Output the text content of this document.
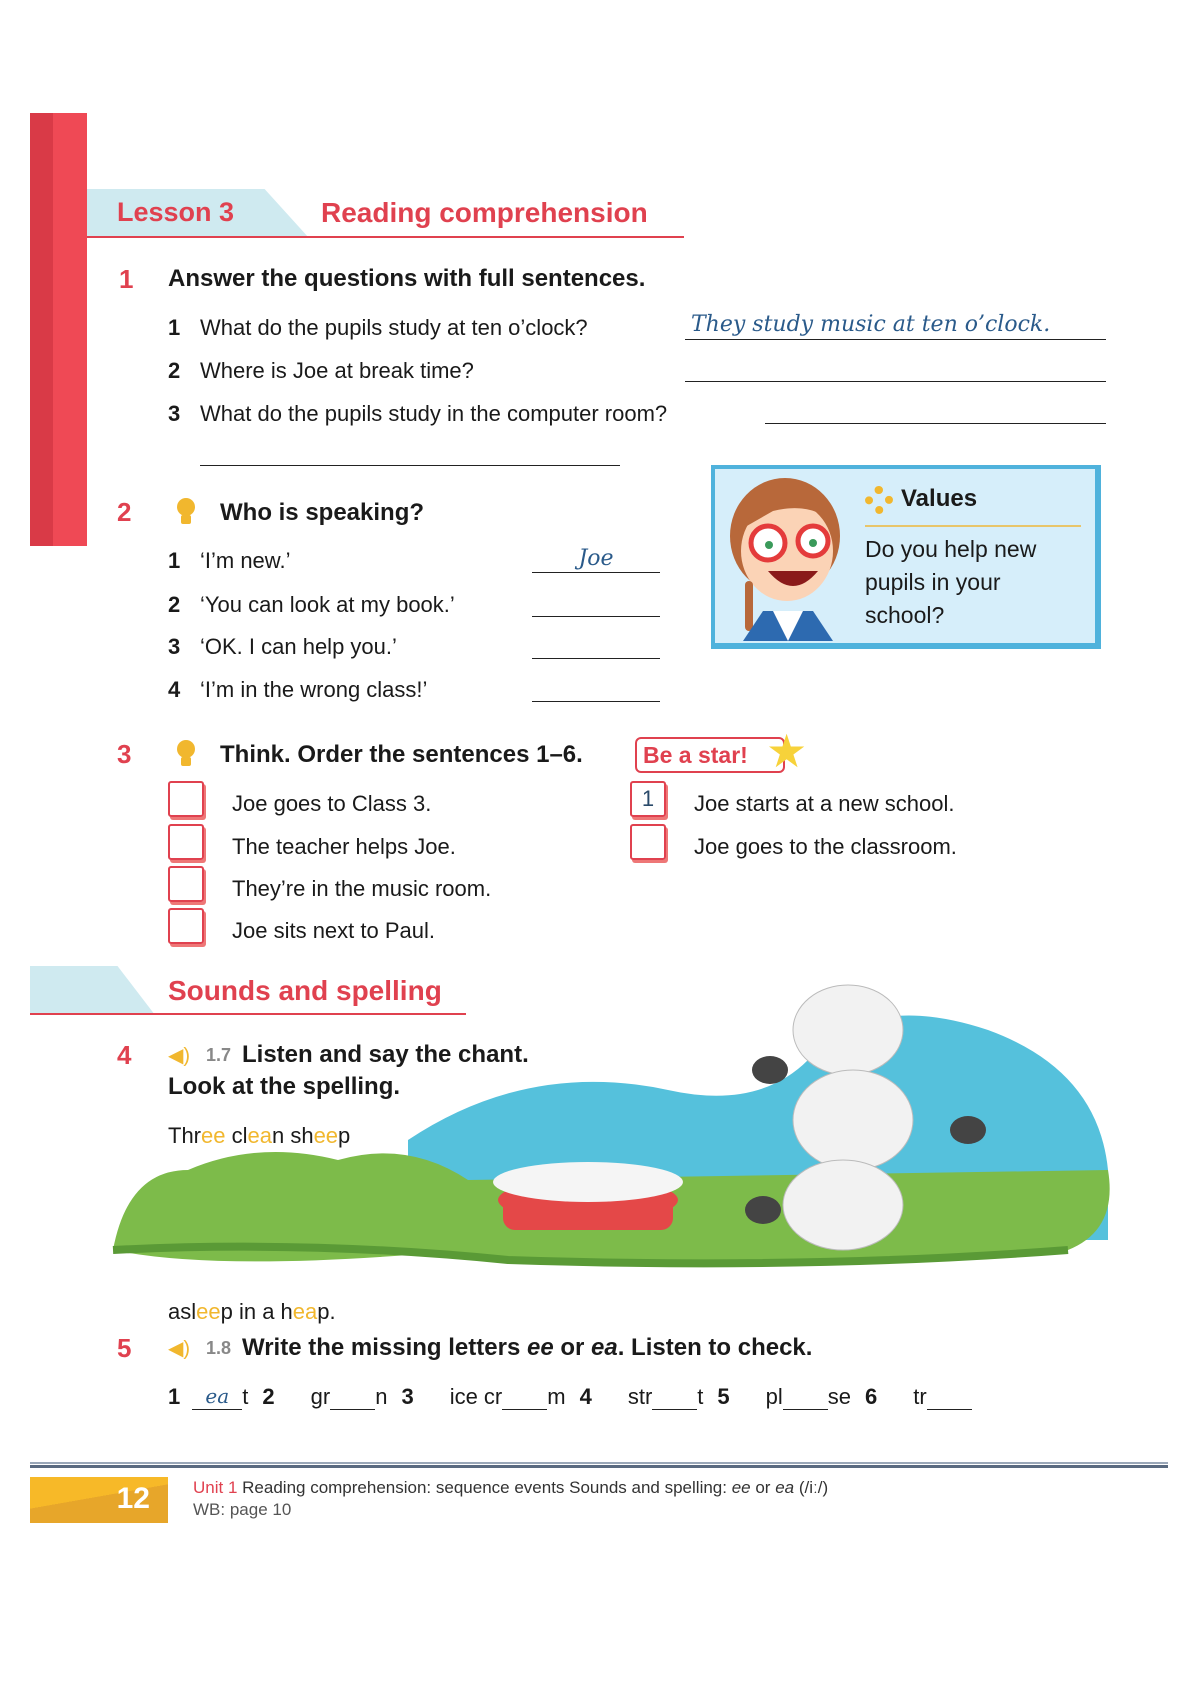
Lesson 3	Reading comprehension
1 Answer the questions with full sentences.
1 What do the pupils study at ten o’clock?	They study music at ten o’clock.
2 Where is Joe at break time?
3 What do the pupils study in the computer room?
2	Who is speaking?
1 ‘I’m new.’	Joe
2 ‘You can look at my book.’
3 ‘OK. I can help you.’
4 ‘I’m in the wrong class!’
Values
Do you help new pupils in your school?
3	Think. Order the sentences 1–6.	Be a star! ★
Joe goes to Class 3.
The teacher helps Joe.
They’re in the music room.
Joe sits next to Paul.
1	Joe starts at a new school.
Joe goes to the classroom.
Sounds and spelling
4 ◀︎) 1.7 Listen and say the chant.
Look at the spelling.
Three clean sheep
asleep in a heap.
5 ◀︎) 1.8 Write the missing letters ee or ea. Listen to check.
1	ea t 2 gr n 3 ice cr m 4 str t 5 pl se 6 tr
12	Unit 1 Reading comprehension: sequence events Sounds and spelling: ee or ea (/iː/)
WB: page 10
